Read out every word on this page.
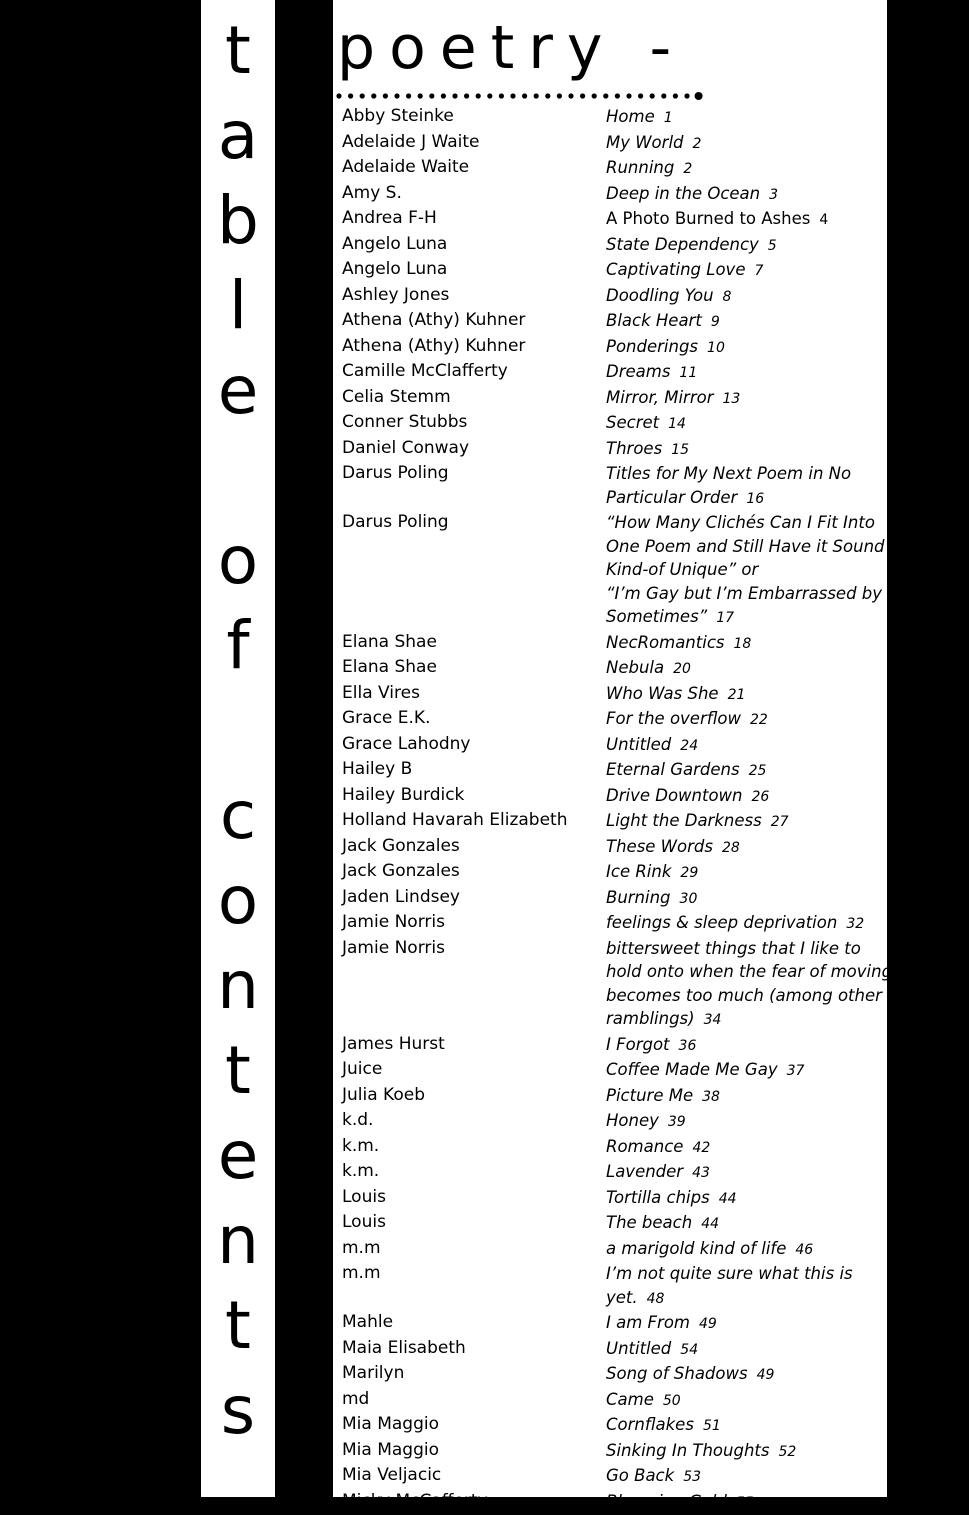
t
a
b
l
e
o
f
c
o
n
t
e
n
t
s
poetry -
Abby Steinke	Home 1
Adelaide J Waite	My World 2
Adelaide Waite	Running 2
Amy S.	Deep in the Ocean 3
Andrea F-H	A Photo Burned to Ashes 4
Angelo Luna	State Dependency 5
Angelo Luna	Captivating Love 7
Ashley Jones	Doodling You 8
Athena (Athy) Kuhner	Black Heart 9
Athena (Athy) Kuhner	Ponderings 10
Camille McClafferty	Dreams 11
Celia Stemm	Mirror, Mirror 13
Conner Stubbs	Secret 14
Daniel Conway	Throes 15
Darus Poling	Titles for My Next Poem in No
Particular Order 16
Darus Poling	“How Many Clichés Can I Fit Into
One Poem and Still Have it Sound
Kind-of Unique” or
“I’m Gay but I’m Embarrassed by It
Sometimes” 17
Elana Shae	NecRomantics 18
Elana Shae	Nebula 20
Ella Vires	Who Was She 21
Grace E.K.	For the overflow 22
Grace Lahodny	Untitled 24
Hailey B	Eternal Gardens 25
Hailey Burdick	Drive Downtown 26
Holland Havarah Elizabeth	Light the Darkness 27
Jack Gonzales	These Words 28
Jack Gonzales	Ice Rink 29
Jaden Lindsey	Burning 30
Jamie Norris	feelings & sleep deprivation 32
Jamie Norris	bittersweet things that I like to
hold onto when the fear of moving
becomes too much (among other
ramblings) 34
James Hurst	I Forgot 36
Juice	Coffee Made Me Gay 37
Julia Koeb	Picture Me 38
k.d.	Honey 39
k.m.	Romance 42
k.m.	Lavender 43
Louis	Tortilla chips 44
Louis	The beach 44
m.m	a marigold kind of life 46
m.m	I’m not quite sure what this is
yet. 48
Mahle	I am From 49
Maia Elisabeth	Untitled 54
Marilyn	Song of Shadows 49
md	Came 50
Mia Maggio	Cornflakes 51
Mia Maggio	Sinking In Thoughts 52
Mia Veljacic	Go Back 53
Micky McCafferty	Blooming Gold 55
